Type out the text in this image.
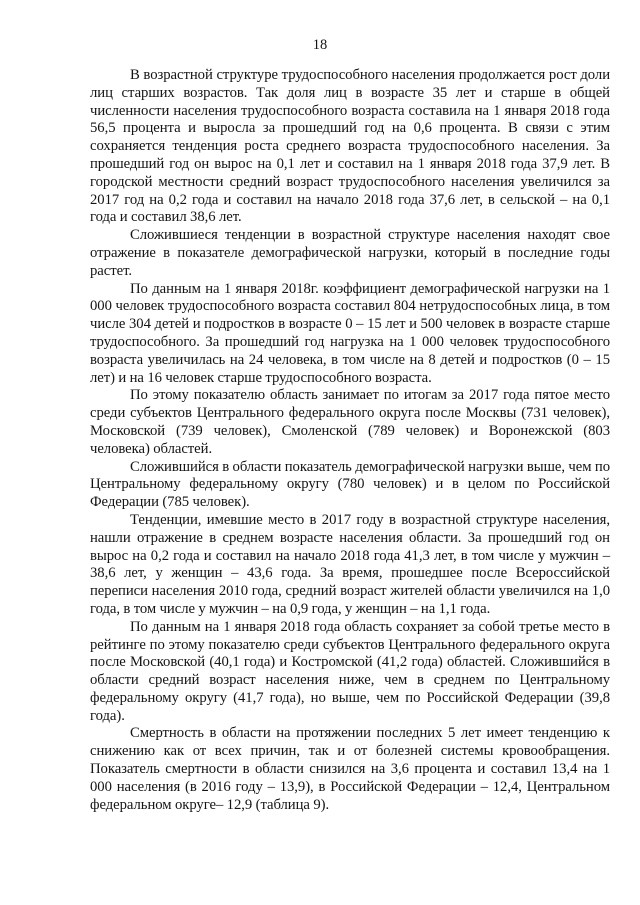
18

В возрастной структуре трудоспособного населения продолжается рост доли лиц старших возрастов. Так доля лиц в возрасте 35 лет и старше в общей численности населения трудоспособного возраста составила на 1 января 2018 года 56,5 процента и выросла за прошедший год на 0,6 процента. В связи с этим сохраняется тенденция роста среднего возраста трудоспособного населения. За прошедший год он вырос на 0,1 лет и составил на 1 января 2018 года 37,9 лет. В городской местности средний возраст трудоспособного населения увеличился за 2017 год на 0,2 года и составил на начало 2018 года 37,6 лет, в сельской – на 0,1 года и составил 38,6 лет.

Сложившиеся тенденции в возрастной структуре населения находят свое отражение в показателе демографической нагрузки, который в последние годы растет.

По данным на 1 января 2018г. коэффициент демографической нагрузки на 1 000 человек трудоспособного возраста составил 804 нетрудоспособных лица, в том числе 304 детей и подростков в возрасте 0 – 15 лет и 500 человек в возрасте старше трудоспособного. За прошедший год нагрузка на 1 000 человек трудоспособного возраста увеличилась на 24 человека, в том числе на 8 детей и подростков (0 – 15 лет) и на 16 человек старше трудоспособного возраста.

По этому показателю область занимает по итогам за 2017 года пятое место среди субъектов Центрального федерального округа после Москвы (731 человек), Московской (739 человек), Смоленской (789 человек) и Воронежской (803 человека) областей.

Сложившийся в области показатель демографической нагрузки выше, чем по Центральному федеральному округу (780 человек) и в целом по Российской Федерации (785 человек).

Тенденции, имевшие место в 2017 году в возрастной структуре населения, нашли отражение в среднем возрасте населения области. За прошедший год он вырос на 0,2 года и составил на начало 2018 года 41,3 лет, в том числе у мужчин – 38,6 лет, у женщин – 43,6 года. За время, прошедшее после Всероссийской переписи населения 2010 года, средний возраст жителей области увеличился на 1,0 года, в том числе у мужчин – на 0,9 года, у женщин – на 1,1 года.

По данным на 1 января 2018 года область сохраняет за собой третье место в рейтинге по этому показателю среди субъектов Центрального федерального округа после Московской (40,1 года) и Костромской (41,2 года) областей. Сложившийся в области средний возраст населения ниже, чем в среднем по Центральному федеральному округу (41,7 года), но выше, чем по Российской Федерации (39,8 года).

Смертность в области на протяжении последних 5 лет имеет тенденцию к снижению как от всех причин, так и от болезней системы кровообращения. Показатель смертности в области снизился на 3,6 процента и составил 13,4 на 1 000 населения (в 2016 году – 13,9), в Российской Федерации – 12,4, Центральном федеральном округе– 12,9 (таблица 9).
